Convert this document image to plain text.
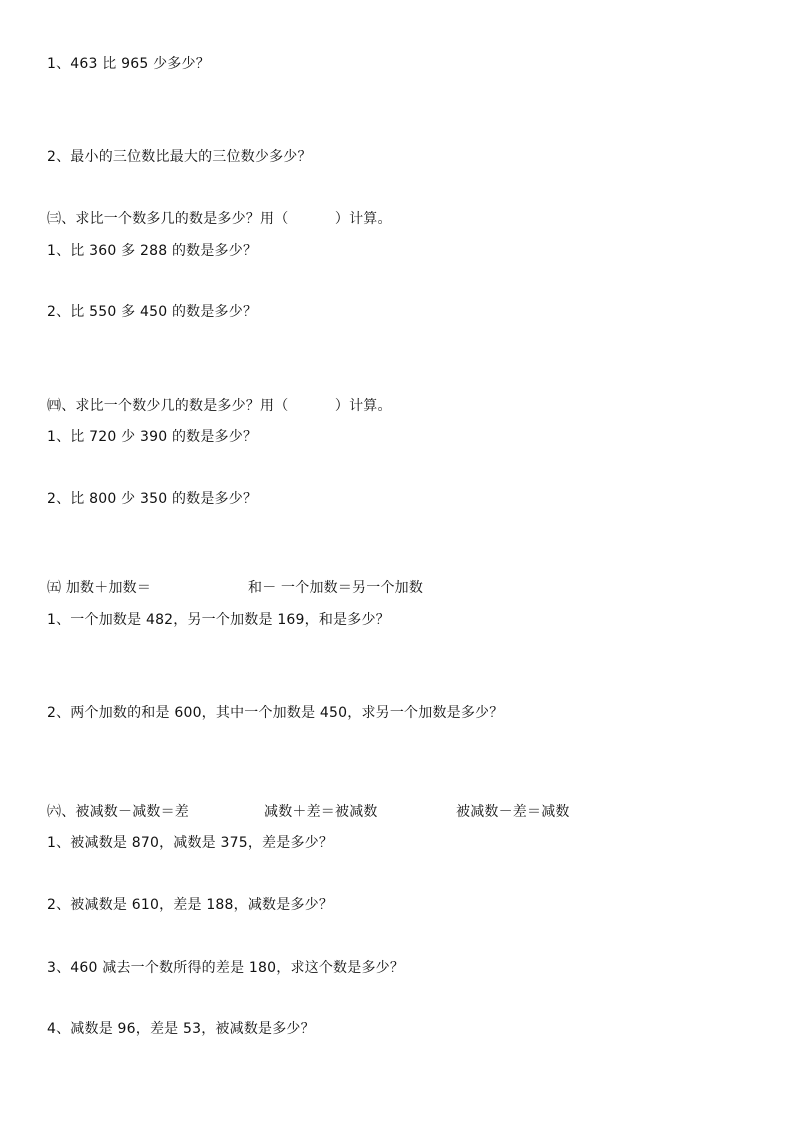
1、463 比 965 少多少？
2、最小的三位数比最大的三位数少多少？
㈢、求比一个数多几的数是多少？用（          ）计算。
1、比 360 多 288 的数是多少？
2、比 550 多 450 的数是多少？
㈣、求比一个数少几的数是多少？用（          ）计算。
1、比 720 少 390 的数是多少？
2、比 800 少 350 的数是多少？
㈤ 加数＋加数＝	和－ 一个加数＝另一个加数
1、一个加数是 482，另一个加数是 169，和是多少？
2、两个加数的和是 600，其中一个加数是 450，求另一个加数是多少？
㈥、被减数－减数＝差	减数＋差＝被减数	被减数－差＝减数
1、被减数是 870，减数是 375，差是多少？
2、被减数是 610，差是 188，减数是多少？
3、460 减去一个数所得的差是 180，求这个数是多少？
4、减数是 96，差是 53，被减数是多少？
